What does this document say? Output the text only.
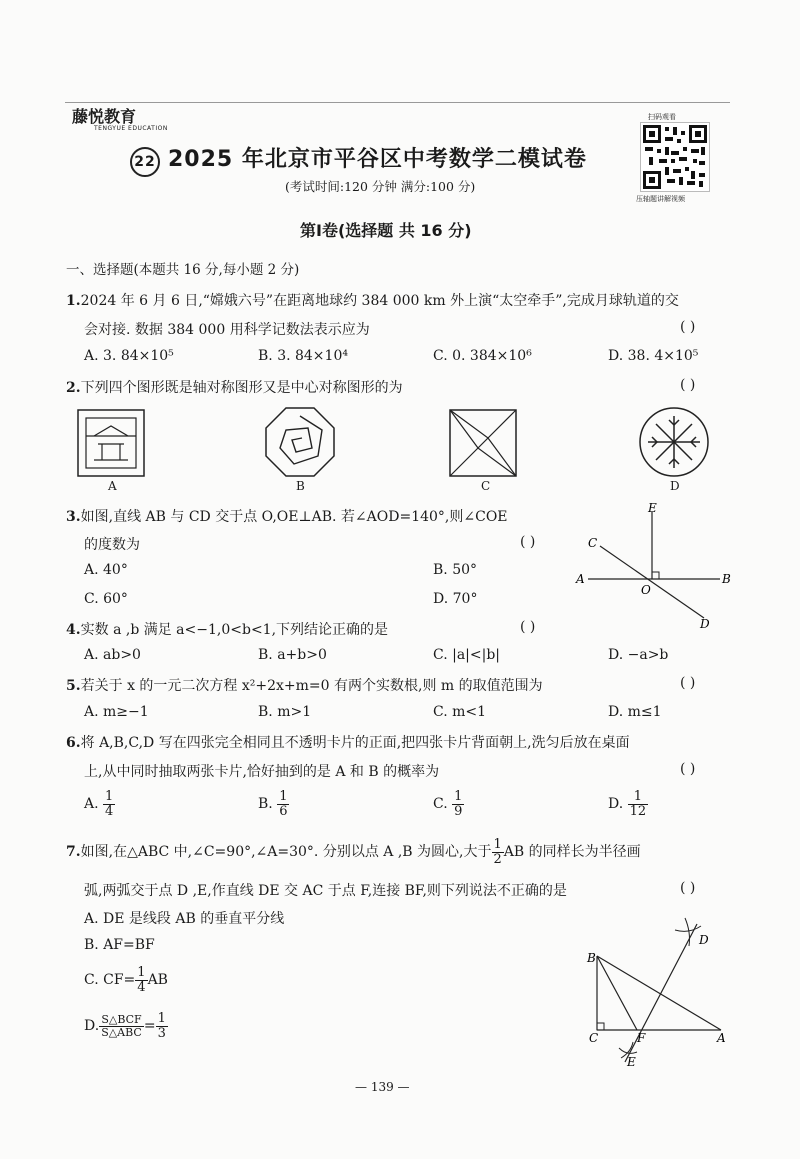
藤悦教育
TENGYUE EDUCATION
22 2025 年北京市平谷区中考数学二模试卷
(考试时间:120 分钟 满分:100 分)
扫码观看
压轴题讲解视频
第Ⅰ卷(选择题 共 16 分)
一、选择题(本题共 16 分,每小题 2 分)
1.2024 年 6 月 6 日,“嫦娥六号”在距离地球约 384 000 km 外上演“太空牵手”,完成月球轨道的交
会对接. 数据 384 000 用科学记数法表示应为	( )
A. 3. 84×10⁵	B. 3. 84×10⁴	C. 0. 384×10⁶	D. 38. 4×10⁵
2.下列四个图形既是轴对称图形又是中心对称图形的为	( )
A	B	C	D
3.如图,直线 AB 与 CD 交于点 O,OE⊥AB. 若∠AOD=140°,则∠COE
的度数为	( )
A. 40°	B. 50°
C. 60°	D. 70°
E
C
A	B
O
D
4.实数 a ,b 满足 a<−1,0<b<1,下列结论正确的是	( )
A. ab>0	B. a+b>0	C. |a|<|b|	D. −a>b
5.若关于 x 的一元二次方程 x²+2x+m=0 有两个实数根,则 m 的取值范围为	( )
A. m≥−1	B. m>1	C. m<1	D. m≤1
6.将 A,B,C,D 写在四张完全相同且不透明卡片的正面,把四张卡片背面朝上,洗匀后放在桌面
上,从中同时抽取两张卡片,恰好抽到的是 A 和 B 的概率为	( )
A. $\frac{1}{4}$	B. $\frac{1}{6}$	C. $\frac{1}{9}$	D. $\frac{1}{12}$
7.如图,在△ABC 中,∠C=90°,∠A=30°. 分别以点 A ,B 为圆心,大于 $\frac{1}{2}$ AB 的同样长为半径画
弧,两弧交于点 D ,E,作直线 DE 交 AC 于点 F,连接 BF,则下列说法不正确的是	( )
A. DE 是线段 AB 的垂直平分线
B. AF=BF
C. $CF= \frac{1}{4}$ AB
D. $\frac{\text{S△BCF}}{\text{S△ABC}} = \frac{1}{3}$
B
D
C	F	A
E
— 139 —
